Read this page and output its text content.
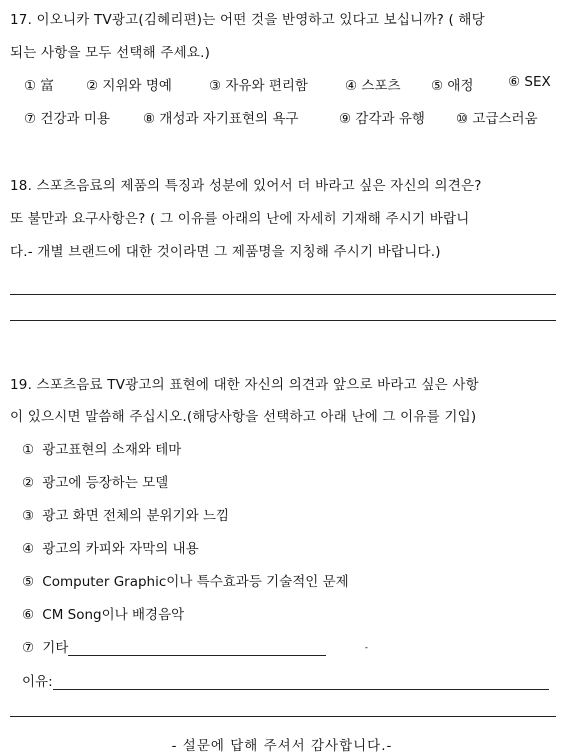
17. 이오니카 TV광고(김혜리편)는 어떤 것을 반영하고 있다고 보십니까? ( 해당
되는 사항을 모두 선택해 주세요.)
① 富 ② 지위와 명예	③ 자유와 편리함	④ 스포츠 ⑤ 애정	⑥ SEX
⑦ 건강과 미용 ⑧ 개성과 자기표현의 욕구	⑨ 감각과 유행 ⑩ 고급스러움
18. 스포츠음료의 제품의 특징과 성분에 있어서 더 바라고 싶은 자신의 의견은?
또 불만과 요구사항은? ( 그 이유를 아래의 난에 자세히 기재해 주시기 바랍니
다.- 개별 브랜드에 대한 것이라면 그 제품명을 지칭해 주시기 바랍니다.)
19. 스포츠음료 TV광고의 표현에 대한 자신의 의견과 앞으로 바라고 싶은 사항
이 있으시면 말씀해 주십시오.(해당사항을 선택하고 아래 난에 그 이유를 기입)
① 광고표현의 소재와 테마
② 광고에 등장하는 모델
③ 광고 화면 전체의 분위기와 느낌
④ 광고의 카피와 자막의 내용
⑤ Computer Graphic이나 특수효과등 기술적인 문제
⑥ CM Song이나 배경음악
⑦ 기타	-
이유:
- 설문에 답해 주셔서 감사합니다.-
